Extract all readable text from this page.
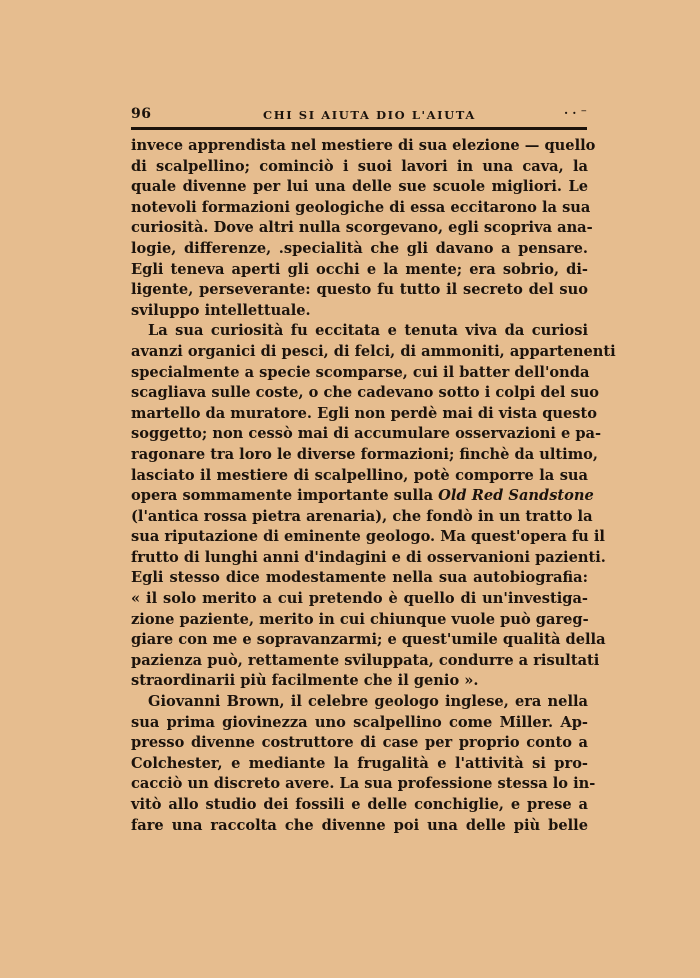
96	CHI SI AIUTA DIO L'AIUTA	· · ⁻
invece apprendista nel mestiere di sua elezione — quello
di scalpellino; cominciò i suoi lavori in una cava, la
quale divenne per lui una delle sue scuole migliori. Le
notevoli formazioni geologiche di essa eccitarono la sua
curiosità. Dove altri nulla scorgevano, egli scopriva ana-
logie, differenze, .specialità che gli davano a pensare.
Egli teneva aperti gli occhi e la mente; era sobrio, di-
ligente, perseverante: questo fu tutto il secreto del suo
sviluppo intellettuale.
La sua curiosità fu eccitata e tenuta viva da curiosi
avanzi organici di pesci, di felci, di ammoniti, appartenenti
specialmente a specie scomparse, cui il batter dell'onda
scagliava sulle coste, o che cadevano sotto i colpi del suo
martello da muratore. Egli non perdè mai di vista questo
soggetto; non cessò mai di accumulare osservazioni e pa-
ragonare tra loro le diverse formazioni; finchè da ultimo,
lasciato il mestiere di scalpellino, potè comporre la sua
opera sommamente importante sulla Old Red Sandstone
(l'antica rossa pietra arenaria), che fondò in un tratto la
sua riputazione di eminente geologo. Ma quest'opera fu il
frutto di lunghi anni d'indagini e di osservanioni pazienti.
Egli stesso dice modestamente nella sua autobiografia:
« il solo merito a cui pretendo è quello di un'investiga-
zione paziente, merito in cui chiunque vuole può gareg-
giare con me e sopravanzarmi; e quest'umile qualità della
pazienza può, rettamente sviluppata, condurre a risultati
straordinarii più facilmente che il genio ».
Giovanni Brown, il celebre geologo inglese, era nella
sua prima giovinezza uno scalpellino come Miller. Ap-
presso divenne costruttore di case per proprio conto a
Colchester, e mediante la frugalità e l'attività si pro-
cacciò un discreto avere. La sua professione stessa lo in-
vitò allo studio dei fossili e delle conchiglie, e prese a
fare una raccolta che divenne poi una delle più belle
